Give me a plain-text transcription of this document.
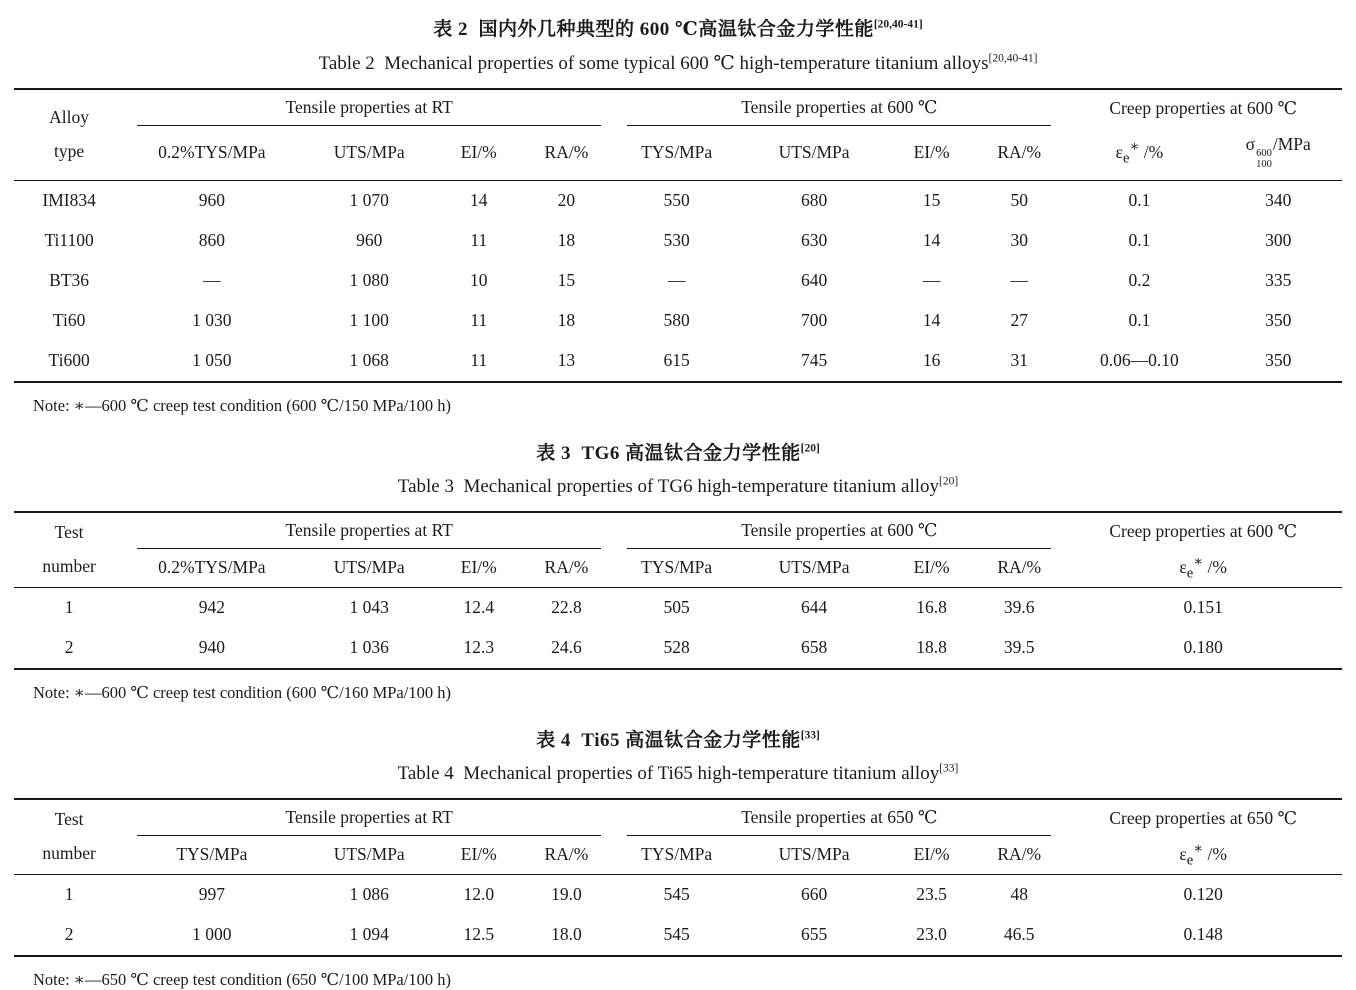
表 2  国内外几种典型的 600 ℃高温钛合金力学性能[20,40-41]
Table 2  Mechanical properties of some typical 600 ℃ high-temperature titanium alloys[20,40-41]
Alloy
type	Tensile properties at RT				Tensile properties at 600 ℃				Creep properties at 600 ℃	

	0.2%TYS/MPa	UTS/MPa	EI/%	RA/%	TYS/MPa	UTS/MPa	EI/%	RA/%	$\varepsilon_e^∗$ /%	σ 600
100
/MPa
IMI834	960	1 070	14	20	550	680	15	50	0.1	340
Ti1100	860	960	11	18	530	630	14	30	0.1	300
BT36	—	1 080	10	15	—	640	—	—	0.2	335
Ti60	1 030	1 100	11	18	580	700	14	27	0.1	350
Ti600	1 050	1 068	11	13	615	745	16	31	0.06—0.10	350
Note: ∗—600 ℃ creep test condition (600 ℃/150 MPa/100 h)
表 3  TG6 高温钛合金力学性能[20]
Table 3  Mechanical properties of TG6 high-temperature titanium alloy[20]
Test
number	Tensile properties at RT				Tensile properties at 600 ℃				Creep properties at 600 ℃

	0.2%TYS/MPa	UTS/MPa	EI/%	RA/%	TYS/MPa	UTS/MPa	EI/%	RA/%	$\varepsilon_e^∗$ /%
1	942	1 043	12.4	22.8	505	644	16.8	39.6	0.151
2	940	1 036	12.3	24.6	528	658	18.8	39.5	0.180
Note: ∗—600 ℃ creep test condition (600 ℃/160 MPa/100 h)
表 4  Ti65 高温钛合金力学性能[33]
Table 4  Mechanical properties of Ti65 high-temperature titanium alloy[33]
Test
number	Tensile properties at RT				Tensile properties at 650 ℃				Creep properties at 650 ℃

	TYS/MPa	UTS/MPa	EI/%	RA/%	TYS/MPa	UTS/MPa	EI/%	RA/%	$\varepsilon_e^∗$ /%
1	997	1 086	12.0	19.0	545	660	23.5	48	0.120
2	1 000	1 094	12.5	18.0	545	655	23.0	46.5	0.148
Note: ∗—650 ℃ creep test condition (650 ℃/100 MPa/100 h)
